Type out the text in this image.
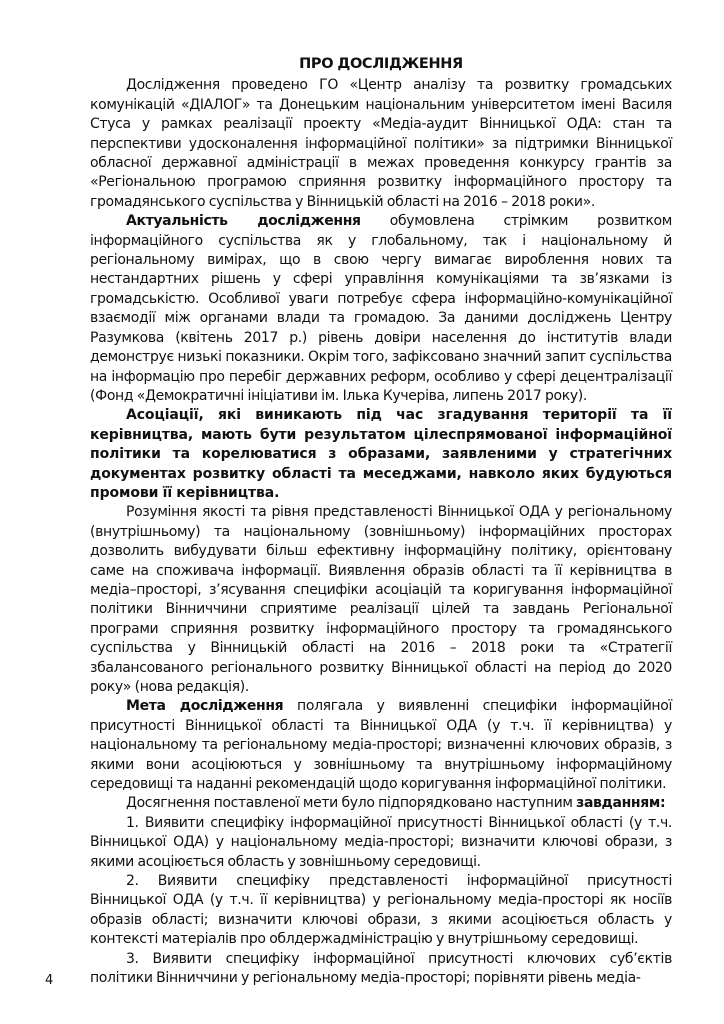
ПРО ДОСЛІДЖЕННЯ

Дослідження проведено ГО «Центр аналізу та розвитку громадських комунікацій «ДІАЛОГ» та Донецьким національним університетом імені Василя Стуса у рамках реалізації проекту «Медіа-аудит Вінницької ОДА: стан та перспективи удосконалення інформаційної політики» за підтримки Вінницької обласної державної адміністрації в межах проведення конкурсу грантів за «Регіональною програмою сприяння розвитку інформаційного простору та громадянського суспільства у Вінницькій області на 2016 – 2018 роки».

Актуальність дослідження обумовлена стрімким розвитком інформаційного суспільства як у глобальному, так і національному й регіональному вимірах, що в свою чергу вимагає вироблення нових та нестандартних рішень у сфері управління комунікаціями та зв’язками із громадськістю. Особливої уваги потребує сфера інформаційно-комунікаційної взаємодії між органами влади та громадою. За даними досліджень Центру Разумкова (квітень 2017 р.) рівень довіри населення до інститутів влади демонструє низькі показники. Окрім того, зафіксовано значний запит суспільства на інформацію про перебіг державних реформ, особливо у сфері децентралізації (Фонд «Демократичні ініціативи ім. Ілька Кучеріва, липень 2017 року).

Асоціації, які виникають під час згадування території та її керівництва, мають бути результатом цілеспрямованої інформаційної політики та корелюватися з образами, заявленими у стратегічних документах розвитку області та меседжами, навколо яких будуються промови її керівництва.

Розуміння якості та рівня представленості Вінницької ОДА у регіональному (внутрішньому) та національному (зовнішньому) інформаційних просторах дозволить вибудувати більш ефективну інформаційну політику, орієнтовану саме на споживача інформації. Виявлення образів області та її керівництва в медіа–просторі, з’ясування специфіки асоціацій та коригування інформаційної політики Вінниччини сприятиме реалізації цілей та завдань Регіональної програми сприяння розвитку інформаційного простору та громадянського суспільства у Вінницькій області на 2016 – 2018 роки та «Стратегії збалансованого регіонального розвитку Вінницької області на період до 2020 року» (нова редакція).

Мета дослідження полягала у виявленні специфіки інформаційної присутності Вінницької області та Вінницької ОДА (у т.ч. її керівництва) у національному та регіональному медіа-просторі; визначенні ключових образів, з якими вони асоціюються у зовнішньому та внутрішньому інформаційному середовищі та наданні рекомендацій щодо коригування інформаційної політики.

Досягнення поставленої мети було підпорядковано наступним завданням:

1. Виявити специфіку інформаційної присутності Вінницької області (у т.ч. Вінницької ОДА) у національному медіа-просторі; визначити ключові образи, з якими асоціюється область у зовнішньому середовищі.

2. Виявити специфіку представленості інформаційної присутності Вінницької ОДА (у т.ч. її керівництва) у регіональному медіа-просторі як носіїв образів області; визначити ключові образи, з якими асоціюється область у контексті матеріалів про облдержадміністрацію у внутрішньому середовищі.

3. Виявити специфіку інформаційної присутності ключових суб’єктів політики Вінниччини у регіональному медіа-просторі; порівняти рівень медіа-

4
